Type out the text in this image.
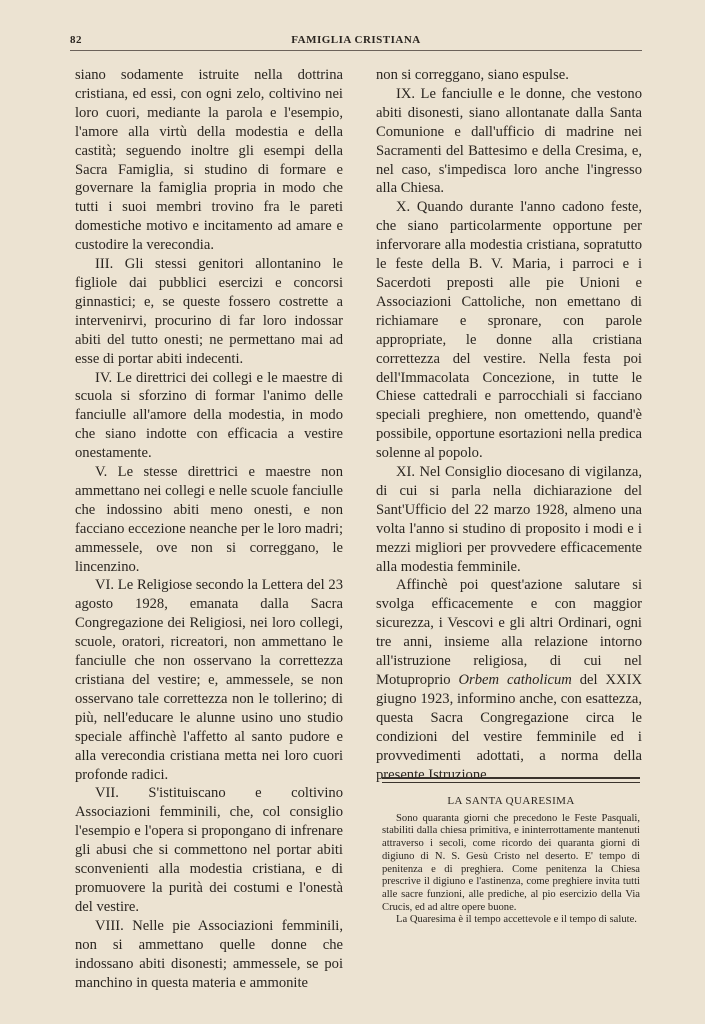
82	FAMIGLIA CRISTIANA

siano sodamente istruite nella dottrina cristiana, ed essi, con ogni zelo, coltivino nei loro cuori, mediante la parola e l'esempio, l'amore alla virtù della modestia e della castità; seguendo inoltre gli esempi della Sacra Famiglia, si studino di formare e governare la famiglia propria in modo che tutti i suoi membri trovino fra le pareti domestiche motivo e incitamento ad amare e custodire la verecondia.

III. Gli stessi genitori allontanino le figliole dai pubblici esercizi e concorsi ginnastici; e, se queste fossero costrette a intervenirvi, procurino di far loro indossar abiti del tutto onesti; ne permettano mai ad esse di portar abiti indecenti.

IV. Le direttrici dei collegi e le maestre di scuola si sforzino di formar l'animo delle fanciulle all'amore della modestia, in modo che siano indotte con efficacia a vestire onestamente.

V. Le stesse direttrici e maestre non ammettano nei collegi e nelle scuole fanciulle che indossino abiti meno onesti, e non facciano eccezione neanche per le loro madri; ammessele, ove non si correggano, le lincenzino.

VI. Le Religiose secondo la Lettera del 23 agosto 1928, emanata dalla Sacra Congregazione dei Religiosi, nei loro collegi, scuole, oratori, ricreatori, non ammettano le fanciulle che non osservano la correttezza cristiana del vestire; e, ammessele, se non osservano tale correttezza non le tollerino; di più, nell'educare le alunne usino uno studio speciale affinchè l'affetto al santo pudore e alla verecondia cristiana metta nei loro cuori profonde radici.

VII. S'istituiscano e coltivino Associazioni femminili, che, col consiglio l'esempio e l'opera si propongano di infrenare gli abusi che si commettono nel portar abiti sconvenienti alla modestia cristiana, e di promuovere la purità dei costumi e l'onestà del vestire.

VIII. Nelle pie Associazioni femminili, non si ammettano quelle donne che indossano abiti disonesti; ammessele, se poi manchino in questa materia e ammonite

non si correggano, siano espulse.

IX. Le fanciulle e le donne, che vestono abiti disonesti, siano allontanate dalla Santa Comunione e dall'ufficio di madrine nei Sacramenti del Battesimo e della Cresima, e, nel caso, s'impedisca loro anche l'ingresso alla Chiesa.

X. Quando durante l'anno cadono feste, che siano particolarmente opportune per infervorare alla modestia cristiana, sopratutto le feste della B. V. Maria, i parroci e i Sacerdoti preposti alle pie Unioni e Associazioni Cattoliche, non emettano di richiamare e spronare, con parole appropriate, le donne alla cristiana correttezza del vestire. Nella festa poi dell'Immacolata Concezione, in tutte le Chiese cattedrali e parrocchiali si facciano speciali preghiere, non omettendo, quand'è possibile, opportune esortazioni nella predica solenne al popolo.

XI. Nel Consiglio diocesano di vigilanza, di cui si parla nella dichiarazione del Sant'Ufficio del 22 marzo 1928, almeno una volta l'anno si studino di proposito i modi e i mezzi migliori per provvedere efficacemente alla modestia femminile.

Affinchè poi quest'azione salutare si svolga efficacemente e con maggior sicurezza, i Vescovi e gli altri Ordinari, ogni tre anni, insieme alla relazione intorno all'istruzione religiosa, di cui nel Motuproprio Orbem catholicum del XXIX giugno 1923, informino anche, con esattezza, questa Sacra Congregazione circa le condizioni del vestire femminile ed i provvedimenti adottati, a norma della presente Istruzione.

LA SANTA QUARESIMA

Sono quaranta giorni che precedono le Feste Pasquali, stabiliti dalla chiesa primitiva, e ininterrottamente mantenuti attraverso i secoli, come ricordo dei quaranta giorni di digiuno di N. S. Gesù Cristo nel deserto. E' tempo di penitenza e di preghiera. Come penitenza la Chiesa prescrive il digiuno e l'astinenza, come preghiere invita tutti alle sacre funzioni, alle prediche, al pio esercizio della Via Crucis, ed ad altre opere buone.

La Quaresima è il tempo accettevole e il tempo di salute.
